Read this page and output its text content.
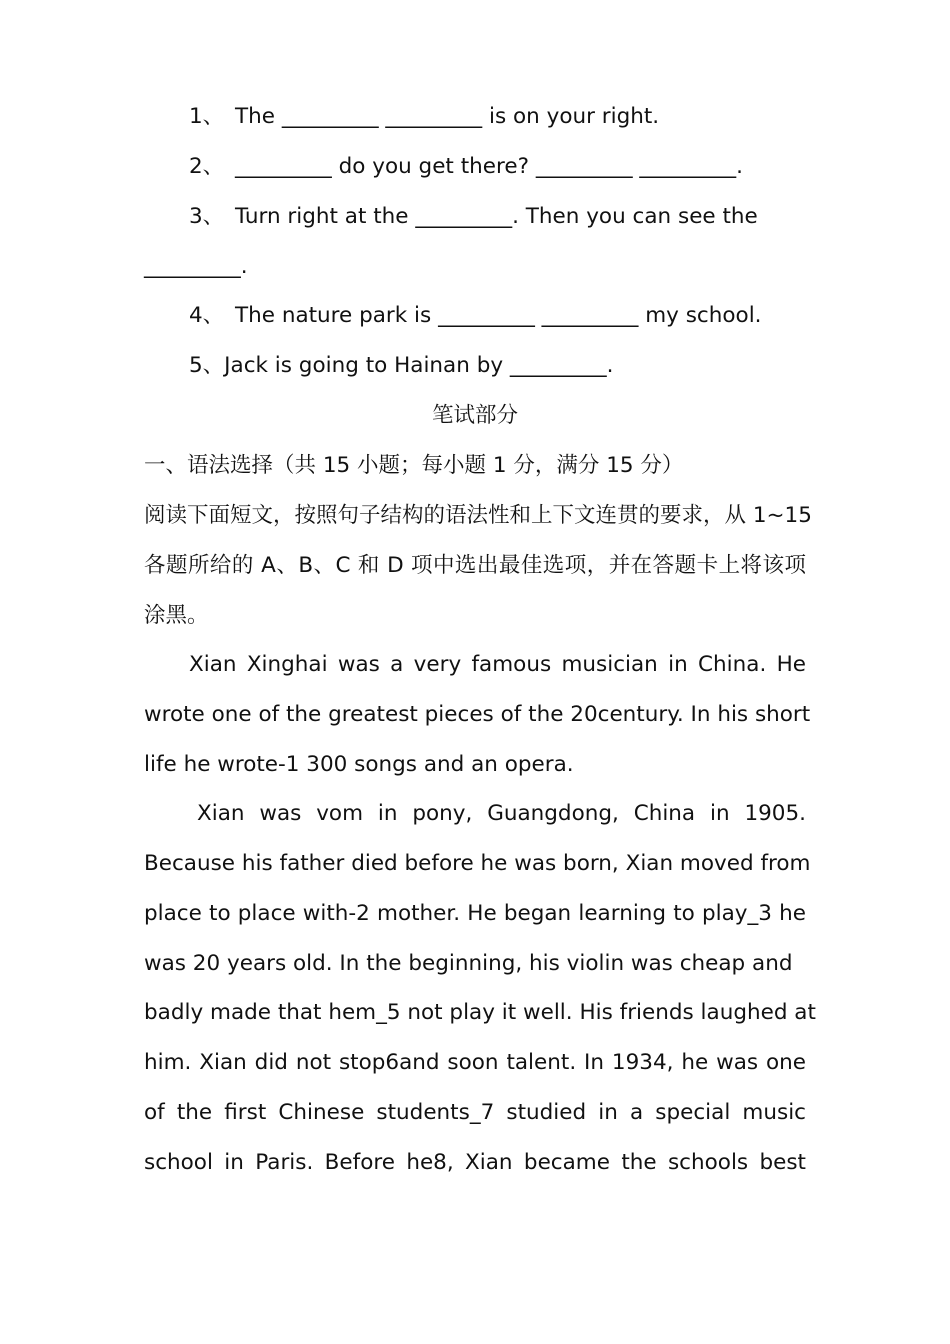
1、 The _________ _________ is on your right.
2、 _________ do you get there? _________ _________.
3、 Turn right at the _________. Then you can see the
_________.
4、 The nature park is _________ _________ my school.
5、Jack is going to Hainan by _________.
笔试部分
一、语法选择（共 15 小题；每小题 1 分，满分 15 分）
阅读下面短文，按照句子结构的语法性和上下文连贯的要求，从 1~15
各题所给的 A、B、C 和 D 项中选出最佳选项，并在答题卡上将该项
涂黑。
Xian Xinghai was a very famous musician in China. He
wrote one of the greatest pieces of the 20century. In his short
life he wrote-1 300 songs and an opera.
Xian was vom in pony, Guangdong, China in 1905.
Because his father died before he was born, Xian moved from
place to place with-2 mother. He began learning to play_3 he
was 20 years old. In the beginning, his violin was cheap and
badly made that hem_5 not play it well. His friends laughed at
him. Xian did not stop6and soon talent. In 1934, he was one
of the first Chinese students_7 studied in a special music
school in Paris. Before he8, Xian became the schools best
